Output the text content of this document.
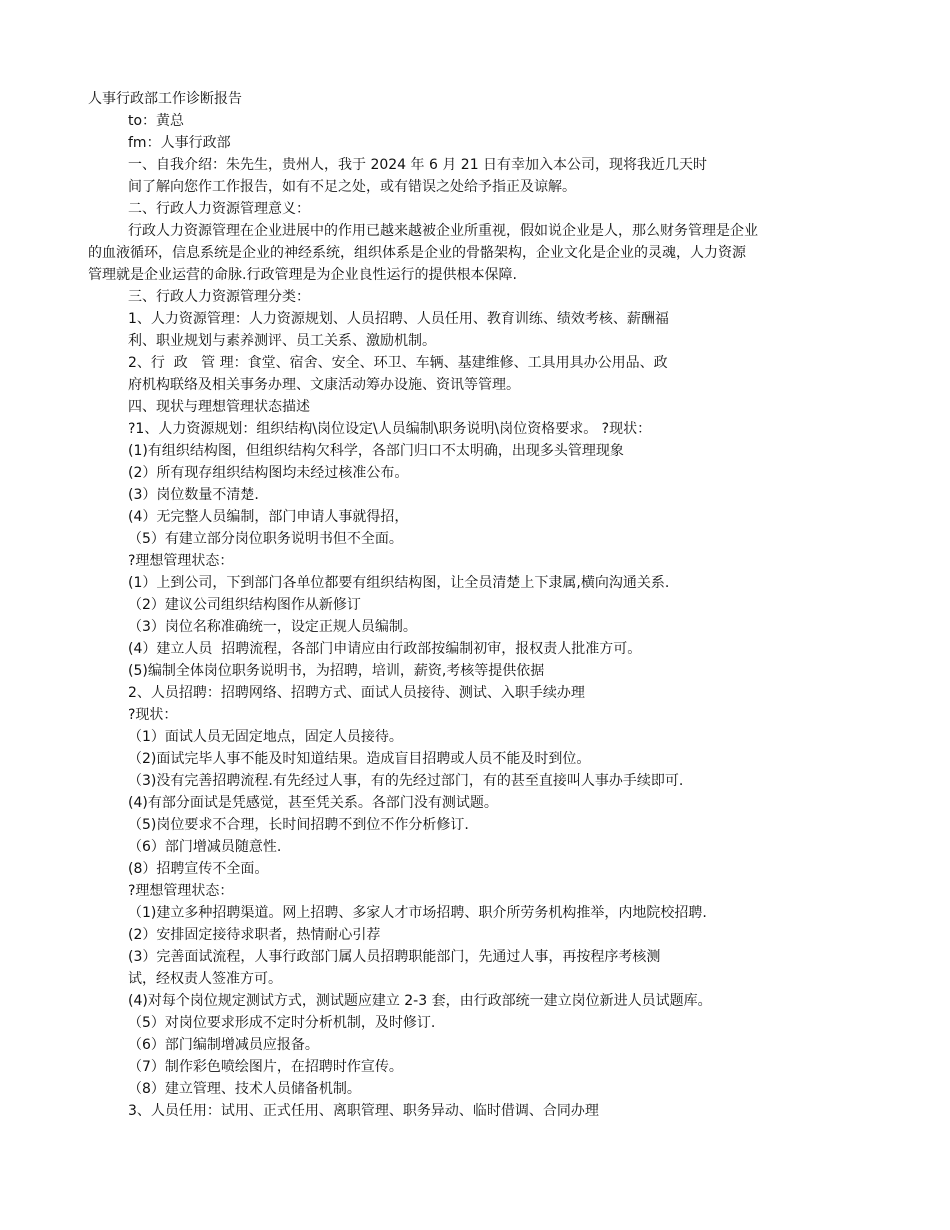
人事行政部工作诊断报告

to：黄总

fm：人事行政部

一、自我介绍：朱先生，贵州人，我于 2024 年 6 月 21 日有幸加入本公司，现将我近几天时

间了解向您作工作报告，如有不足之处，或有错误之处给予指正及谅解。

二、行政人力资源管理意义：

行政人力资源管理在企业进展中的作用已越来越被企业所重视，假如说企业是人，那么财务管理是企业

的血液循环，信息系统是企业的神经系统，组织体系是企业的骨骼架构，企业文化是企业的灵魂，人力资源

管理就是企业运营的命脉.行政管理是为企业良性运行的提供根本保障.

三、行政人力资源管理分类：

1、人力资源管理：人力资源规划、人员招聘、人员任用、教育训练、绩效考核、薪酬福

利、职业规划与素养测评、员工关系、激励机制。

2、行  政   管 理：食堂、宿舍、安全、环卫、车辆、基建维修、工具用具办公用品、政

府机构联络及相关事务办理、文康活动筹办设施、资讯等管理。

四、现状与理想管理状态描述

?1、人力资源规划：组织结构\岗位设定\人员编制\职务说明\岗位资格要求。 ?现状：

(1)有组织结构图，但组织结构欠科学，各部门归口不太明确，出现多头管理现象

(2）所有现存组织结构图均未经过核准公布。

(3）岗位数量不清楚.

(4）无完整人员编制，部门申请人事就得招，

（5）有建立部分岗位职务说明书但不全面。

?理想管理状态：

(1）上到公司，下到部门各单位都要有组织结构图，让全员清楚上下隶属,横向沟通关系.

（2）建议公司组织结构图作从新修订

（3）岗位名称准确统一，设定正规人员编制。

(4）建立人员  招聘流程，各部门申请应由行政部按编制初审，报权责人批准方可。

(5)编制全体岗位职务说明书，为招聘，培训，薪资,考核等提供依据

2、人员招聘：招聘网络、招聘方式、面试人员接待、测试、入职手续办理

?现状：

（1）面试人员无固定地点，固定人员接待。

（2)面试完毕人事不能及时知道结果。造成盲目招聘或人员不能及时到位。

（3)没有完善招聘流程.有先经过人事，有的先经过部门，有的甚至直接叫人事办手续即可.

(4)有部分面试是凭感觉，甚至凭关系。各部门没有测试题。

（5)岗位要求不合理，长时间招聘不到位不作分析修订.

（6）部门增减员随意性.

(8）招聘宣传不全面。

?理想管理状态：

（1)建立多种招聘渠道。网上招聘、多家人才市场招聘、职介所劳务机构推举，内地院校招聘.

(2）安排固定接待求职者，热情耐心引荐

(3）完善面试流程，人事行政部门属人员招聘职能部门，先通过人事，再按程序考核测

试，经权责人签准方可。

(4)对每个岗位规定测试方式，测试题应建立 2-3 套，由行政部统一建立岗位新进人员试题库。

（5）对岗位要求形成不定时分析机制，及时修订.

（6）部门编制增减员应报备。

（7）制作彩色喷绘图片，在招聘时作宣传。

（8）建立管理、技术人员储备机制。

3、人员任用：试用、正式任用、离职管理、职务异动、临时借调、合同办理
